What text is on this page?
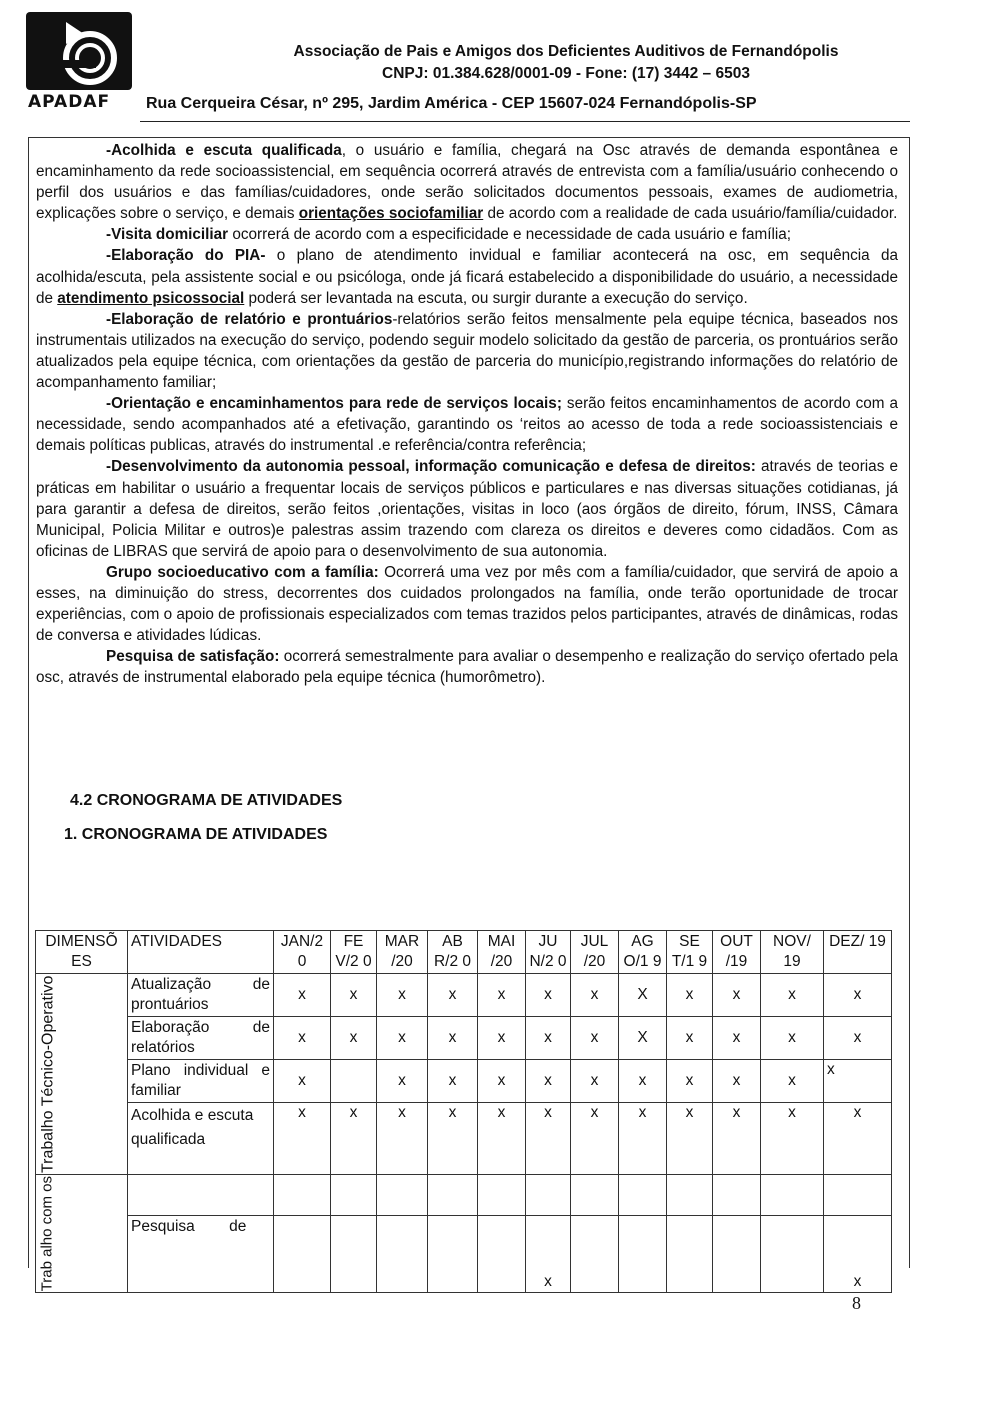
APADAF
Associação de Pais e Amigos dos Deficientes Auditivos de Fernandópolis
CNPJ: 01.384.628/0001-09 - Fone: (17) 3442 – 6503
Rua Cerqueira César, nº 295, Jardim América - CEP 15607-024 Fernandópolis-SP

-Acolhida e escuta qualificada, o usuário e família, chegará na Osc através de demanda espontânea e encaminhamento da rede socioassistencial, em sequência ocorrerá através de entrevista com a família/usuário conhecendo o perfil dos usuários e das famílias/cuidadores, onde serão solicitados documentos pessoais, exames de audiometria, explicações sobre o serviço, e demais orientações sociofamiliar de acordo com a realidade de cada usuário/família/cuidador.

-Visita domiciliar ocorrerá de acordo com a especificidade e necessidade de cada usuário e família;

-Elaboração do PIA- o plano de atendimento invidual e familiar acontecerá na osc, em sequência da acolhida/escuta, pela assistente social e ou psicóloga, onde já ficará estabelecido a disponibilidade do usuário, a necessidade de atendimento psicossocial poderá ser levantada na escuta, ou surgir durante a execução do serviço.

-Elaboração de relatório e prontuários-relatórios serão feitos mensalmente pela equipe técnica, baseados nos instrumentais utilizados na execução do serviço, podendo seguir modelo solicitado da gestão de parceria, os prontuários serão atualizados pela equipe técnica, com orientações da gestão de parceria do município,registrando informações do relatório de acompanhamento familiar;

-Orientação e encaminhamentos para rede de serviços locais; serão feitos encaminhamentos de acordo com a necessidade, sendo acompanhados até a efetivação, garantindo os ‘reitos ao acesso de toda a rede socioassistenciais e demais políticas publicas, através do instrumental .e referência/contra referência;

-Desenvolvimento da autonomia pessoal, informação comunicação e defesa de direitos: através de teorias e práticas em habilitar o usuário a frequentar locais de serviços públicos e particulares e nas diversas situações cotidianas, já para garantir a defesa de direitos, serão feitos ,orientações, visitas in loco (aos órgãos de direito, fórum, INSS, Câmara Municipal, Policia Militar e outros)e palestras assim trazendo com clareza os direitos e deveres como cidadãos. Com as oficinas de LIBRAS que servirá de apoio para o desenvolvimento de sua autonomia.

Grupo socioeducativo com a família: Ocorrerá uma vez por mês com a família/cuidador, que servirá de apoio a esses, na diminuição do stress, decorrentes dos cuidados prolongados na família, onde terão oportunidade de trocar experiências, com o apoio de profissionais especializados com temas trazidos pelos participantes, através de dinâmicas, rodas de conversa e atividades lúdicas.

Pesquisa de satisfação: ocorrerá semestralmente para avaliar o desempenho e realização do serviço ofertado pela osc, através de instrumental elaborado pela equipe técnica (humorômetro).

4.2 CRONOGRAMA DE ATIVIDADES
1. CRONOGRAMA DE ATIVIDADES
DIMENSÕ ES	ATIVIDADES	JAN/2 0	FE V/2 0	MAR /20	AB R/2 0	MAI /20	JU N/2 0	JUL /20	AG O/1 9	SE T/1 9	OUT /19	NOV/ 19	DEZ/ 19
Trabalho Técnico-Operativo	Atualização de prontuários	x	x	x	x	x	x	x	X	x	x	x	x
	Elaboração de relatórios	x	x	x	x	x	x	x	X	x	x	x	x
	Plano individual e familiar	x		x	x	x	x	x	x	x	x	x	x
	Acolhida e escuta qualificada	x	x	x	x	x	x	x	x	x	x	x	x
Trab alho com os													
	Pesquisa de						x						x
8
